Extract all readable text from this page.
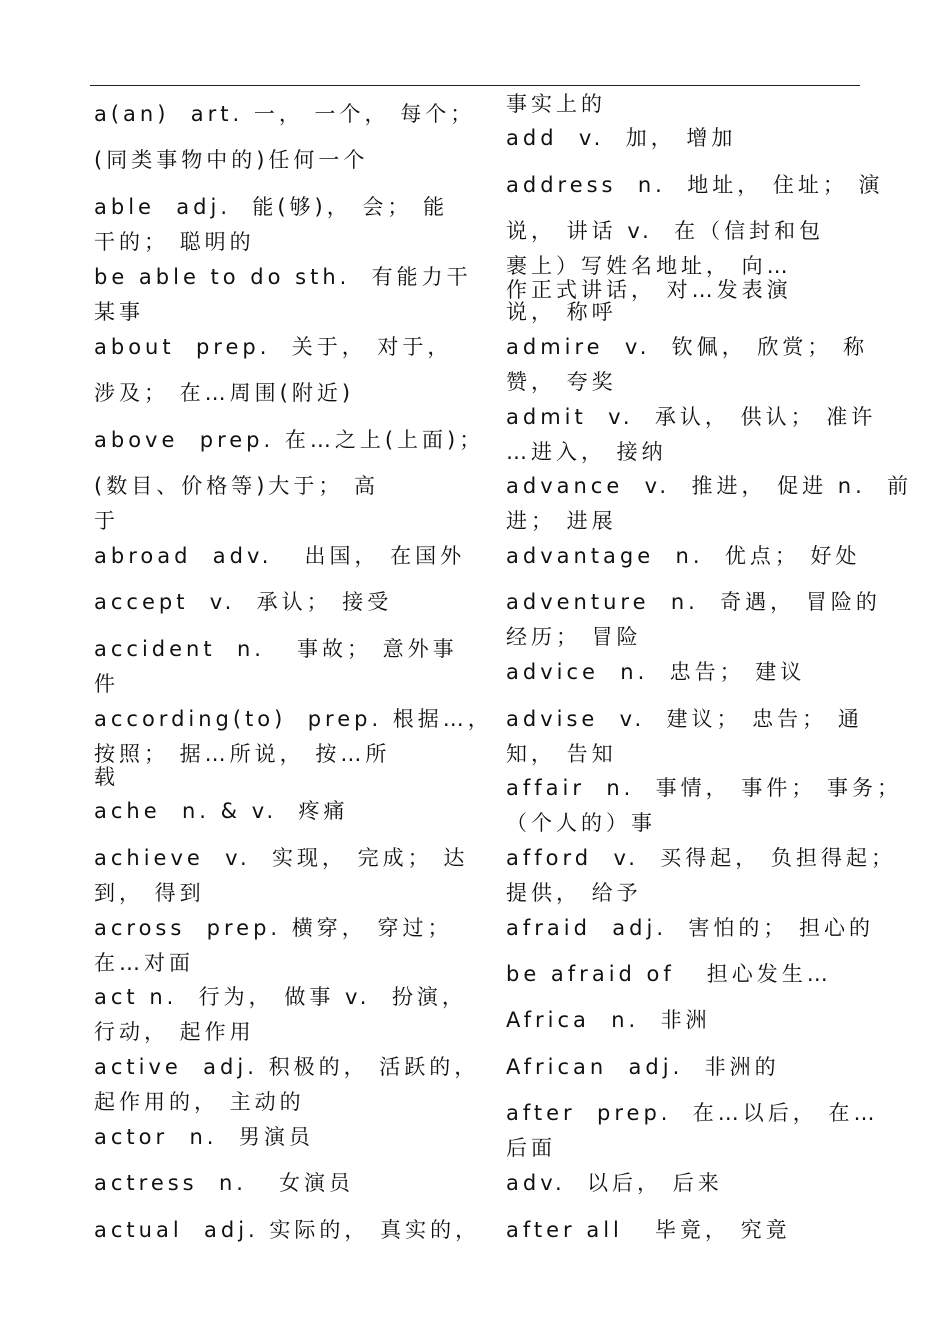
a(an)  art. 一， 一个， 每个；
(同类事物中的)任何一个
able  adj.  能(够)， 会； 能
干的； 聪明的
be able to do sth.  有能力干
某事
about  prep.  关于， 对于，
涉及； 在…周围(附近)
above  prep. 在…之上(上面)；
(数目、价格等)大于； 高
于
abroad  adv.   出国， 在国外
accept  v.  承认； 接受
accident  n.   事故； 意外事
件
according(to)  prep. 根据…，
按照； 据…所说， 按…所
载
ache  n. & v.  疼痛
achieve  v.  实现， 完成； 达
到， 得到
across  prep. 横穿， 穿过；
在…对面
act n.  行为， 做事 v.  扮演，
行动， 起作用
active  adj. 积极的， 活跃的，
起作用的， 主动的
actor  n.  男演员
actress  n.   女演员
actual  adj. 实际的， 真实的，
事实上的
add  v.  加， 增加
address  n.  地址， 住址； 演
说， 讲话 v.  在（信封和包
裹上）写姓名地址， 向…
作正式讲话， 对…发表演
说， 称呼
admire  v.  钦佩， 欣赏； 称
赞， 夸奖
admit  v.  承认， 供认； 准许
…进入， 接纳
advance  v.  推进， 促进 n.  前
进； 进展
advantage  n.  优点； 好处
adventure  n.  奇遇， 冒险的
经历； 冒险
advice  n.  忠告； 建议
advise  v.  建议； 忠告； 通
知， 告知
affair  n.  事情， 事件； 事务；
（个人的）事
afford  v.  买得起， 负担得起；
提供， 给予
afraid  adj.  害怕的； 担心的
be afraid of   担心发生…
Africa  n.  非洲
African  adj.  非洲的
after  prep.  在…以后， 在…
后面
adv.  以后， 后来
after all   毕竟， 究竟
